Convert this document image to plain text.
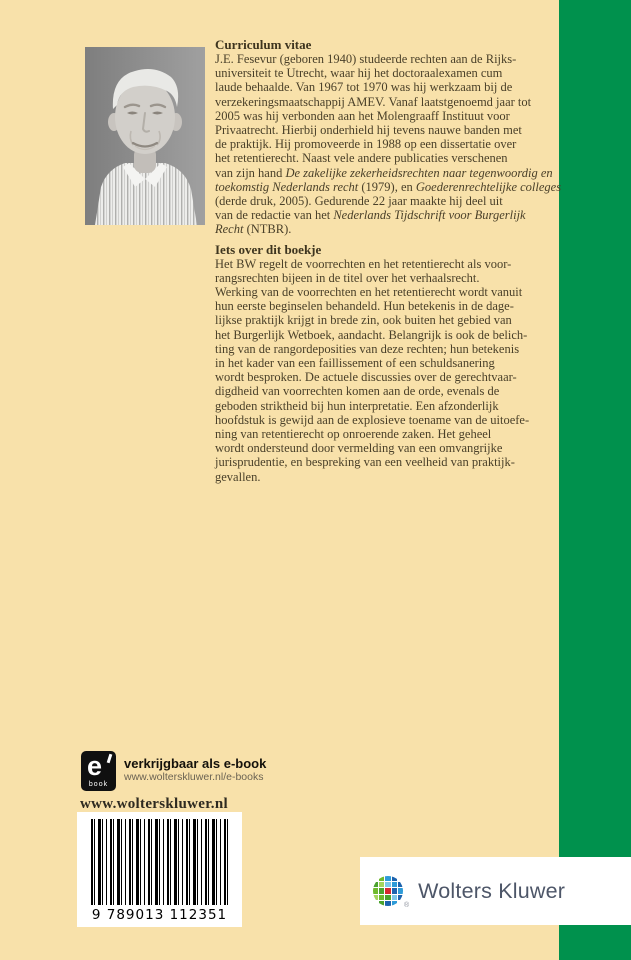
Curriculum vitae
J.E. Fesevur (geboren 1940) studeerde rechten aan de Rijks-
universiteit te Utrecht, waar hij het doctoraalexamen cum
laude behaalde. Van 1967 tot 1970 was hij werkzaam bij de
verzekeringsmaatschappij AMEV. Vanaf laatstgenoemd jaar tot
2005 was hij verbonden aan het Molengraaff Instituut voor
Privaatrecht. Hierbij onderhield hij tevens nauwe banden met
de praktijk. Hij promoveerde in 1988 op een dissertatie over
het retentierecht. Naast vele andere publicaties verschenen
van zijn hand De zakelijke zekerheidsrechten naar tegenwoordig en
toekomstig Nederlands recht (1979), en Goederenrechtelijke colleges
(derde druk, 2005). Gedurende 22 jaar maakte hij deel uit
van de redactie van het Nederlands Tijdschrift voor Burgerlijk
Recht (NTBR).
Iets over dit boekje
Het BW regelt de voorrechten en het retentierecht als voor-
rangsrechten bijeen in de titel over het verhaalsrecht.
Werking van de voorrechten en het retentierecht wordt vanuit
hun eerste beginselen behandeld. Hun betekenis in de dage-
lijkse praktijk krijgt in brede zin, ook buiten het gebied van
het Burgerlijk Wetboek, aandacht. Belangrijk is ook de belich-
ting van de rangordeposities van deze rechten; hun betekenis
in het kader van een faillissement of een schuldsanering
wordt besproken. De actuele discussies over de gerechtvaar-
digdheid van voorrechten komen aan de orde, evenals de
geboden striktheid bij hun interpretatie. Een afzonderlijk
hoofdstuk is gewijd aan de explosieve toename van de uitoefe-
ning van retentierecht op onroerende zaken. Het geheel
wordt ondersteund door vermelding van een omvangrijke
jurisprudentie, en bespreking van een veelheid van praktijk-
gevallen.
e
book
verkrijgbaar als e-book
www.wolterskluwer.nl/e-books
www.wolterskluwer.nl
9 789013 112351
®
Wolters Kluwer
